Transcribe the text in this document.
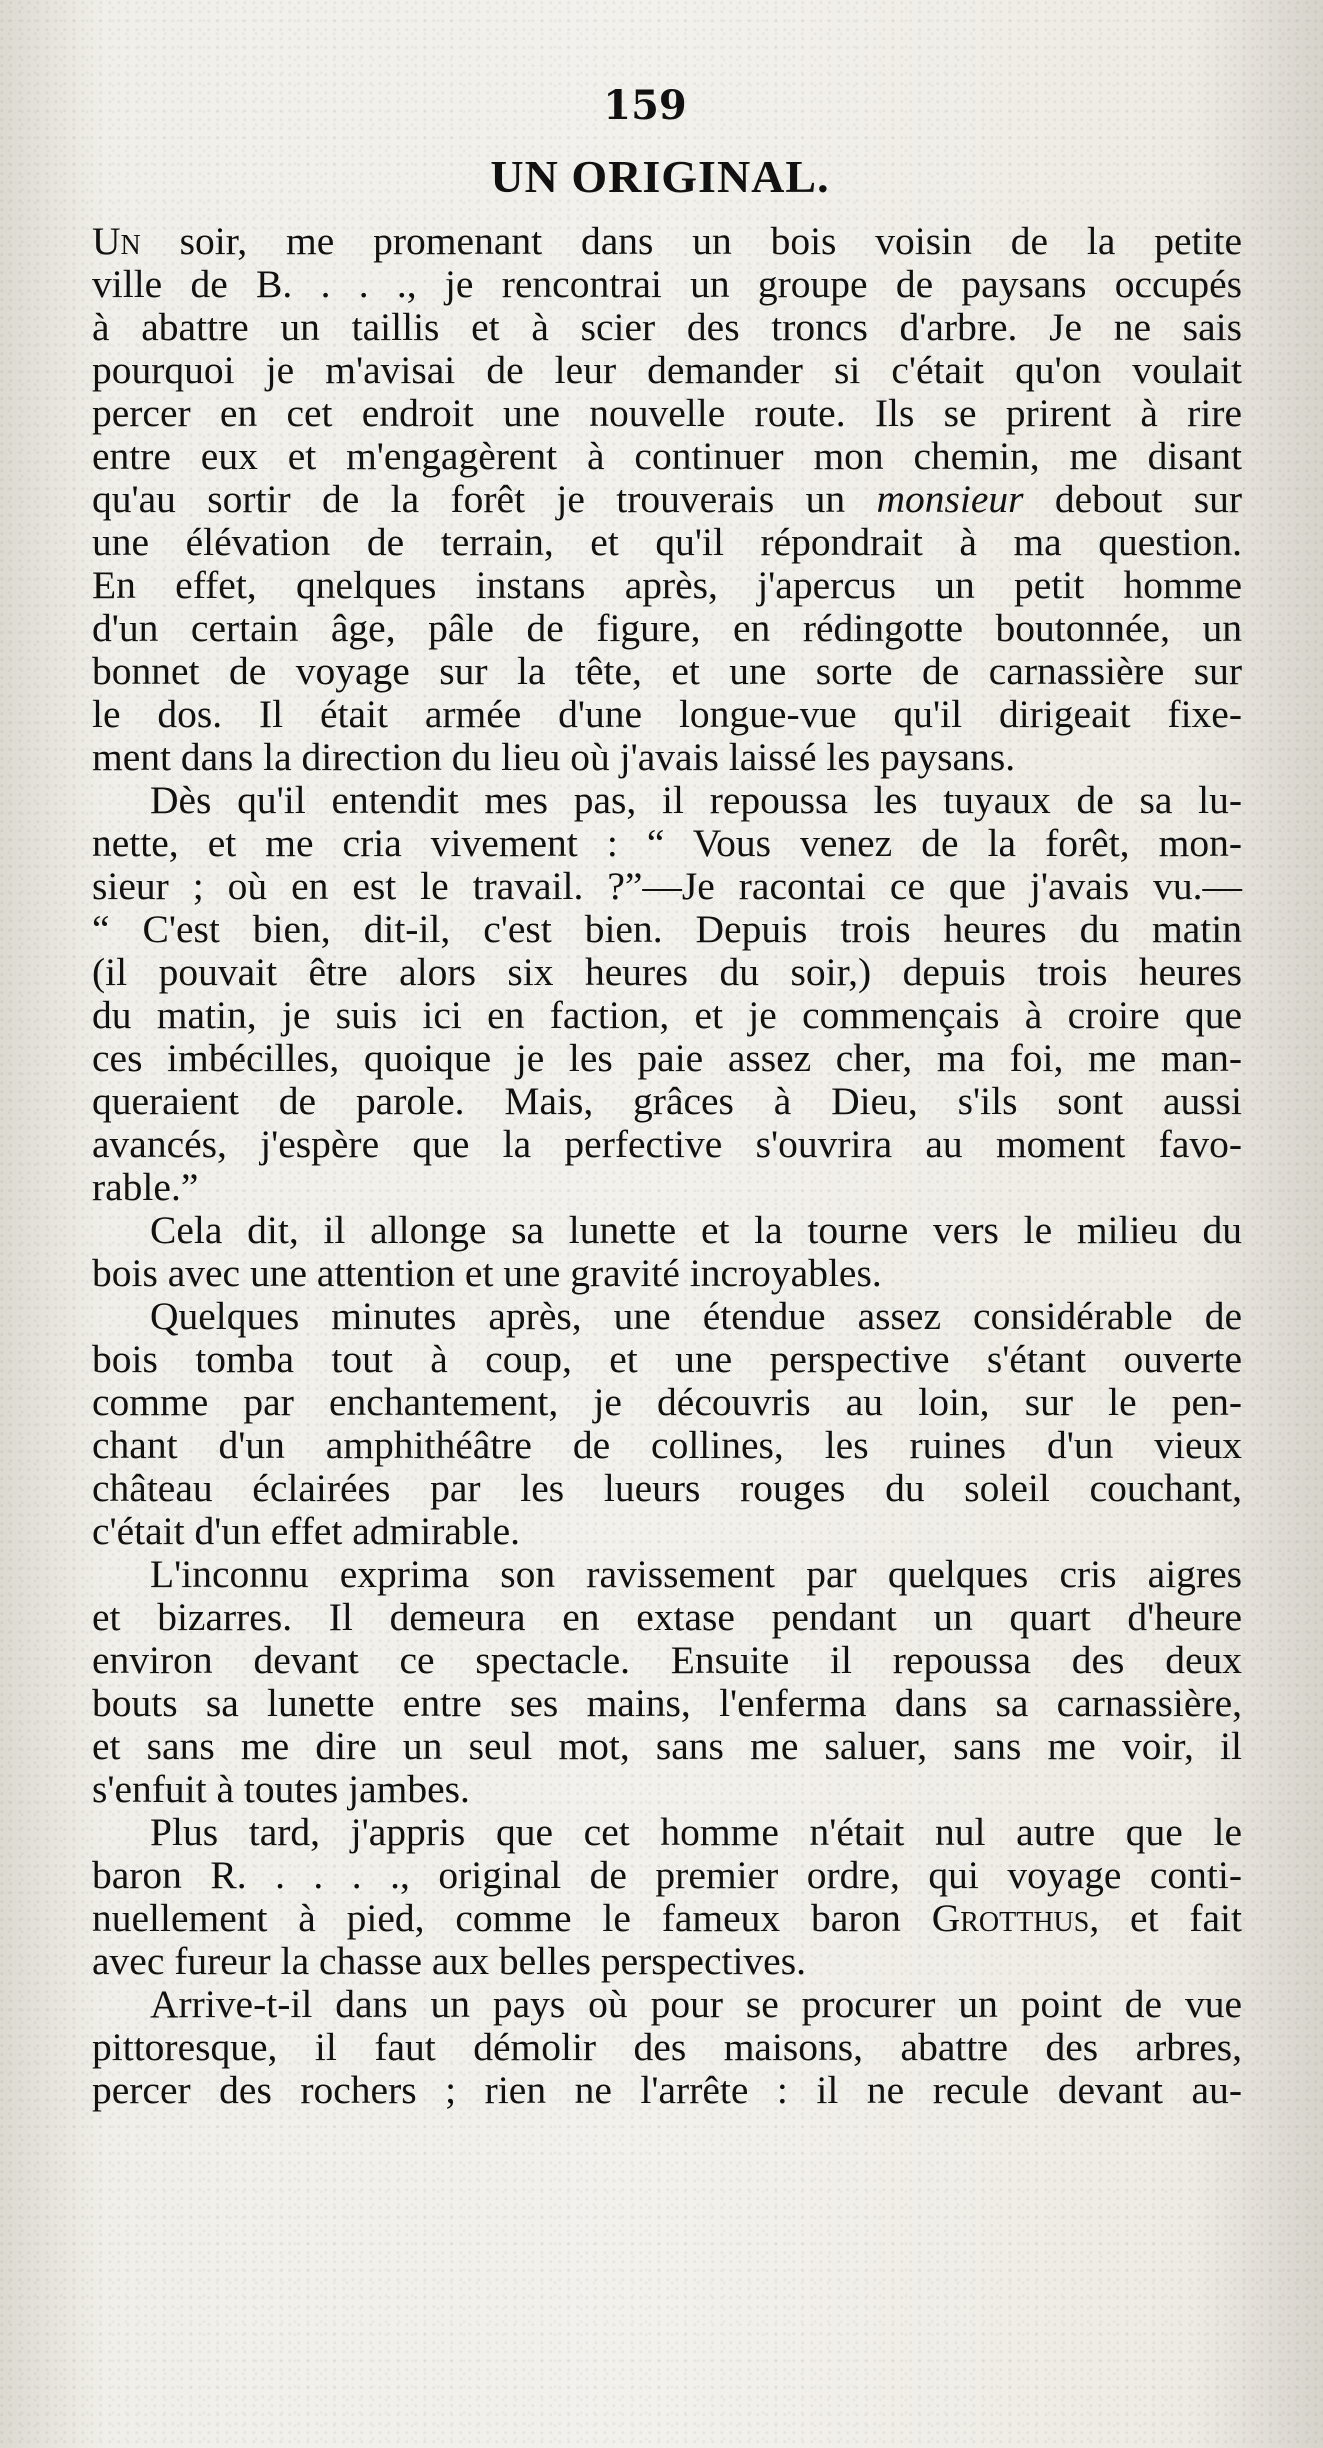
159
UN ORIGINAL.
Un soir, me promenant dans un bois voisin de la petite
ville de B. . . ., je rencontrai un groupe de paysans occupés
à abattre un taillis et à scier des troncs d'arbre. Je ne sais
pourquoi je m'avisai de leur demander si c'était qu'on voulait
percer en cet endroit une nouvelle route. Ils se prirent à rire
entre eux et m'engagèrent à continuer mon chemin, me disant
qu'au sortir de la forêt je trouverais un monsieur debout sur
une élévation de terrain, et qu'il répondrait à ma question.
En effet, qnelques instans après, j'apercus un petit homme
d'un certain âge, pâle de figure, en rédingotte boutonnée, un
bonnet de voyage sur la tête, et une sorte de carnassière sur
le dos. Il était armée d'une longue-vue qu'il dirigeait fixe-
ment dans la direction du lieu où j'avais laissé les paysans.
Dès qu'il entendit mes pas, il repoussa les tuyaux de sa lu-
nette, et me cria vivement : “ Vous venez de la forêt, mon-
sieur ; où en est le travail. ?”—Je racontai ce que j'avais vu.—
“ C'est bien, dit-il, c'est bien. Depuis trois heures du matin
(il pouvait être alors six heures du soir,) depuis trois heures
du matin, je suis ici en faction, et je commençais à croire que
ces imbécilles, quoique je les paie assez cher, ma foi, me man-
queraient de parole. Mais, grâces à Dieu, s'ils sont aussi
avancés, j'espère que la perfective s'ouvrira au moment favo-
rable.”
Cela dit, il allonge sa lunette et la tourne vers le milieu du
bois avec une attention et une gravité incroyables.
Quelques minutes après, une étendue assez considérable de
bois tomba tout à coup, et une perspective s'étant ouverte
comme par enchantement, je découvris au loin, sur le pen-
chant d'un amphithéâtre de collines, les ruines d'un vieux
château éclairées par les lueurs rouges du soleil couchant,
c'était d'un effet admirable.
L'inconnu exprima son ravissement par quelques cris aigres
et bizarres. Il demeura en extase pendant un quart d'heure
environ devant ce spectacle. Ensuite il repoussa des deux
bouts sa lunette entre ses mains, l'enferma dans sa carnassière,
et sans me dire un seul mot, sans me saluer, sans me voir, il
s'enfuit à toutes jambes.
Plus tard, j'appris que cet homme n'était nul autre que le
baron R. . . . ., original de premier ordre, qui voyage conti-
nuellement à pied, comme le fameux baron Grotthus, et fait
avec fureur la chasse aux belles perspectives.
Arrive-t-il dans un pays où pour se procurer un point de vue
pittoresque, il faut démolir des maisons, abattre des arbres,
percer des rochers ; rien ne l'arrête : il ne recule devant au-
